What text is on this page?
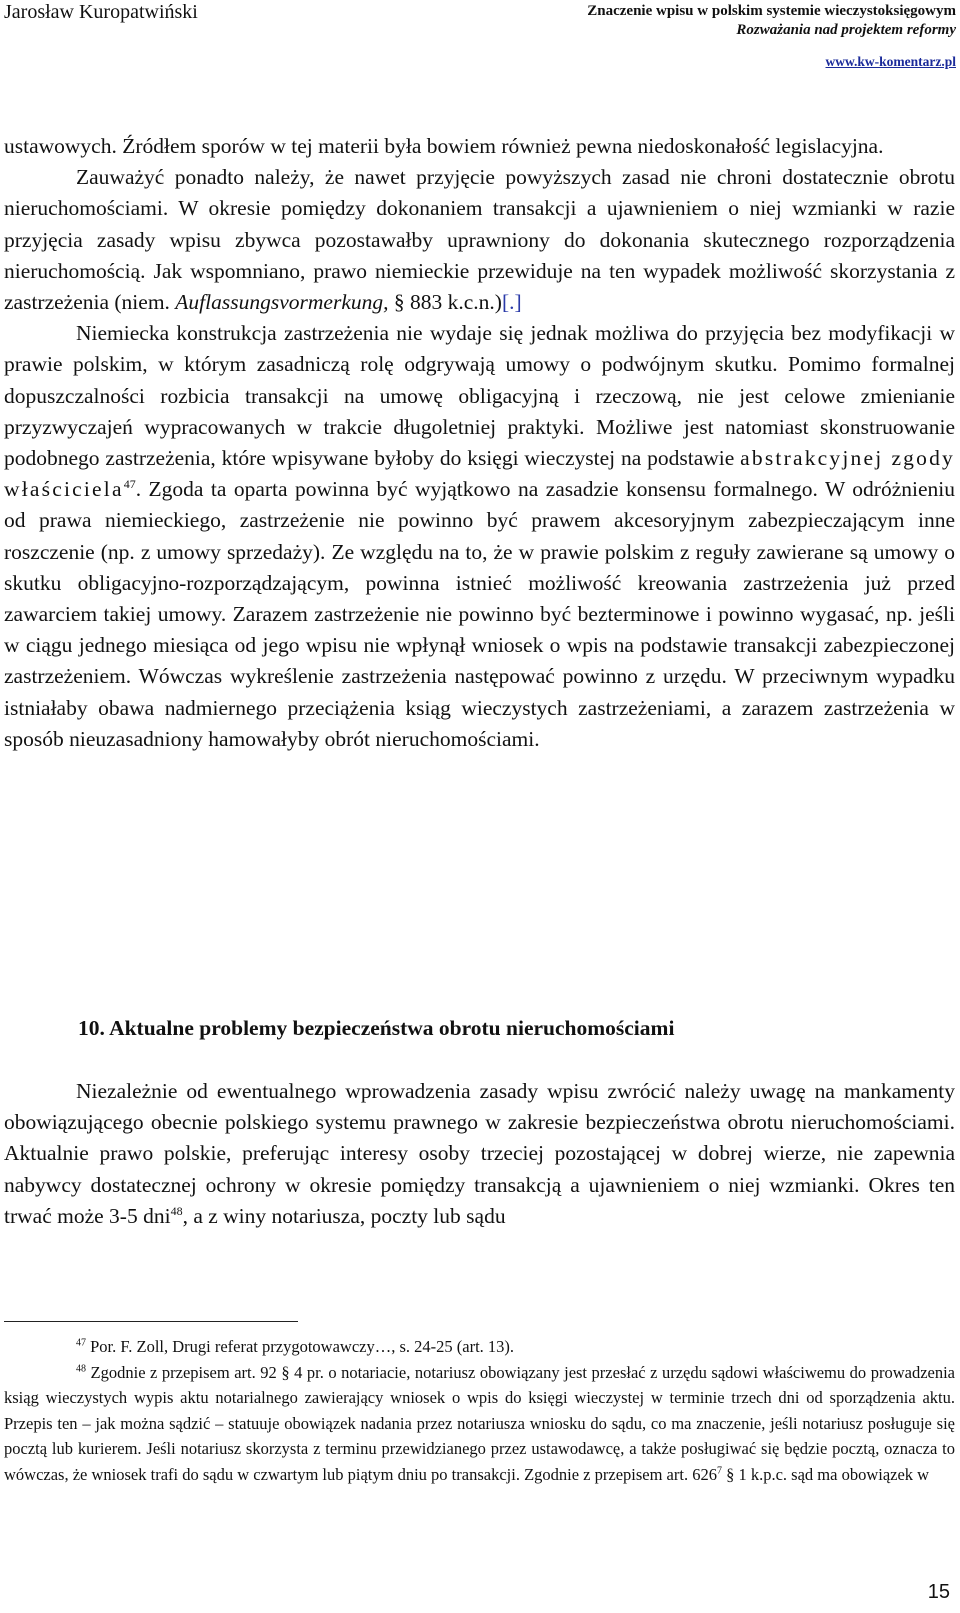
Jarosław Kuropatwiński	Znaczenie wpisu w polskim systemie wieczystoksięgowym
Rozważania nad projektem reformy
www.kw-komentarz.pl

ustawowych. Źródłem sporów w tej materii była bowiem również pewna niedoskonałość legislacyjna.

Zauważyć ponadto należy, że nawet przyjęcie powyższych zasad nie chroni dostatecznie obrotu nieruchomościami. W okresie pomiędzy dokonaniem transakcji a ujawnieniem o niej wzmianki w razie przyjęcia zasady wpisu zbywca pozostawałby uprawniony do dokonania skutecznego rozporządzenia nieruchomością. Jak wspomniano, prawo niemieckie przewiduje na ten wypadek możliwość skorzystania z zastrzeżenia (niem. Auflassungsvormerkung, § 883 k.c.n.)[.]

Niemiecka konstrukcja zastrzeżenia nie wydaje się jednak możliwa do przyjęcia bez modyfikacji w prawie polskim, w którym zasadniczą rolę odgrywają umowy o podwójnym skutku. Pomimo formalnej dopuszczalności rozbicia transakcji na umowę obligacyjną i rzeczową, nie jest celowe zmienianie przyzwyczajeń wypracowanych w trakcie długoletniej praktyki. Możliwe jest natomiast skonstruowanie podobnego zastrzeżenia, które wpisywane byłoby do księgi wieczystej na podstawie abstrakcyjnej zgody właściciela$^{47}$. Zgoda ta oparta powinna być wyjątkowo na zasadzie konsensu formalnego. W odróżnieniu od prawa niemieckiego, zastrzeżenie nie powinno być prawem akcesoryjnym zabezpieczającym inne roszczenie (np. z umowy sprzedaży). Ze względu na to, że w prawie polskim z reguły zawierane są umowy o skutku obligacyjno-rozporządzającym, powinna istnieć możliwość kreowania zastrzeżenia już przed zawarciem takiej umowy. Zarazem zastrzeżenie nie powinno być bezterminowe i powinno wygasać, np. jeśli w ciągu jednego miesiąca od jego wpisu nie wpłynął wniosek o wpis na podstawie transakcji zabezpieczonej zastrzeżeniem. Wówczas wykreślenie zastrzeżenia następować powinno z urzędu. W przeciwnym wypadku istniałaby obawa nadmiernego przeciążenia ksiąg wieczystych zastrzeżeniami, a zarazem zastrzeżenia w sposób nieuzasadniony hamowałyby obrót nieruchomościami.

10. Aktualne problemy bezpieczeństwa obrotu nieruchomościami

Niezależnie od ewentualnego wprowadzenia zasady wpisu zwrócić należy uwagę na mankamenty obowiązującego obecnie polskiego systemu prawnego w zakresie bezpieczeństwa obrotu nieruchomościami. Aktualnie prawo polskie, preferując interesy osoby trzeciej pozostającej w dobrej wierze, nie zapewnia nabywcy dostatecznej ochrony w okresie pomiędzy transakcją a ujawnieniem o niej wzmianki. Okres ten trwać może 3-5 dni$^{48}$, a z winy notariusza, poczty lub sądu

$^{47}$ Por. F. Zoll, Drugi referat przygotowawczy…, s. 24-25 (art. 13).

$^{48}$ Zgodnie z przepisem art. 92 § 4 pr. o notariacie, notariusz obowiązany jest przesłać z urzędu sądowi właściwemu do prowadzenia ksiąg wieczystych wypis aktu notarialnego zawierający wniosek o wpis do księgi wieczystej w terminie trzech dni od sporządzenia aktu. Przepis ten – jak można sądzić – statuuje obowiązek nadania przez notariusza wniosku do sądu, co ma znaczenie, jeśli notariusz posługuje się pocztą lub kurierem. Jeśli notariusz skorzysta z terminu przewidzianego przez ustawodawcę, a także posługiwać się będzie pocztą, oznacza to wówczas, że wniosek trafi do sądu w czwartym lub piątym dniu po transakcji. Zgodnie z przepisem art. $626^7$ § 1 k.p.c. sąd ma obowiązek w

15
